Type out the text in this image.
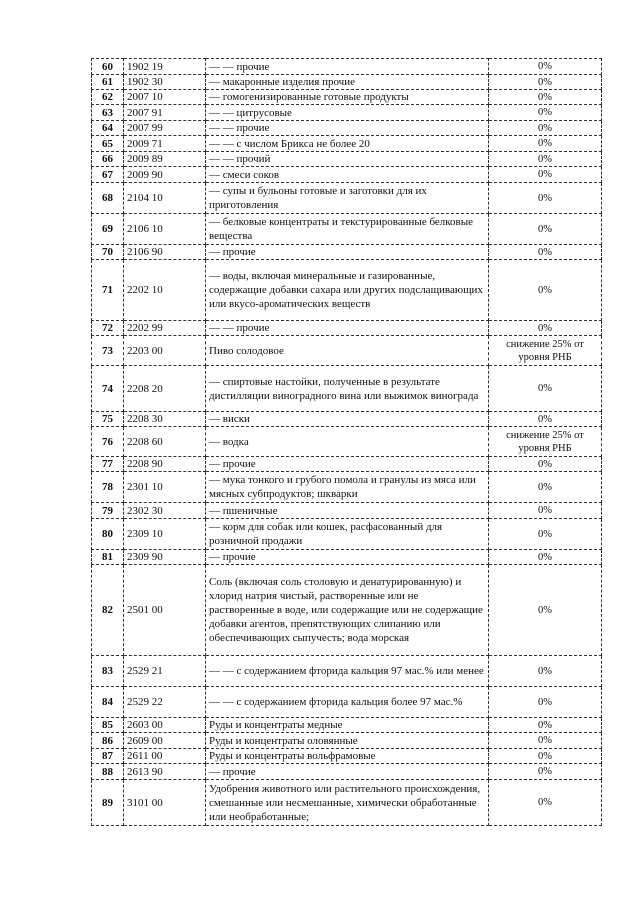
60	1902 19	— — прочие	0%
61	1902 30	— макаронные изделия прочие	0%
62	2007 10	— гомогенизированные готовые продукты	0%
63	2007 91	— — цитрусовые	0%
64	2007 99	— — прочие	0%
65	2009 71	— — с числом Брикса не более 20	0%
66	2009 89	— — прочий	0%
67	2009 90	— смеси соков	0%
68	2104 10	— супы и бульоны готовые и заготовки для их приготовления	0%
69	2106 10	— белковые концентраты и текстурированные белковые вещества	0%
70	2106 90	— прочие	0%
71	2202 10	— воды, включая минеральные и газированные, содержащие добавки сахара или других подслащивающих или вкусо-ароматических веществ	0%
72	2202 99	— — прочие	0%
73	2203 00	Пиво солодовое	снижение 25% от уровня РНБ
74	2208 20	— спиртовые настойки, полученные в результате дистилляции виноградного вина или выжимок винограда	0%
75	2208 30	— виски	0%
76	2208 60	— водка	снижение 25% от уровня РНБ
77	2208 90	— прочие	0%
78	2301 10	— мука тонкого и грубого помола и гранулы из мяса или мясных субпродуктов; шкварки	0%
79	2302 30	— пшеничные	0%
80	2309 10	— корм для собак или кошек, расфасованный для розничной продажи	0%
81	2309 90	— прочие	0%
82	2501 00	Соль (включая соль столовую и денатурированную) и хлорид натрия чистый, растворенные или не растворенные в воде, или содержащие или не содержащие добавки агентов, препятствующих слипанию или обеспечивающих сыпучесть; вода морская	0%
83	2529 21	— — с содержанием фторида кальция 97 мас.% или менее	0%
84	2529 22	— — с содержанием фторида кальция более 97 мас.%	0%
85	2603 00	Руды и концентраты медные	0%
86	2609 00	Руды и концентраты оловянные	0%
87	2611 00	Руды и концентраты вольфрамовые	0%
88	2613 90	— прочие	0%
89	3101 00	Удобрения животного или растительного происхождения, смешанные или несмешанные, химически обработанные или необработанные;	0%
